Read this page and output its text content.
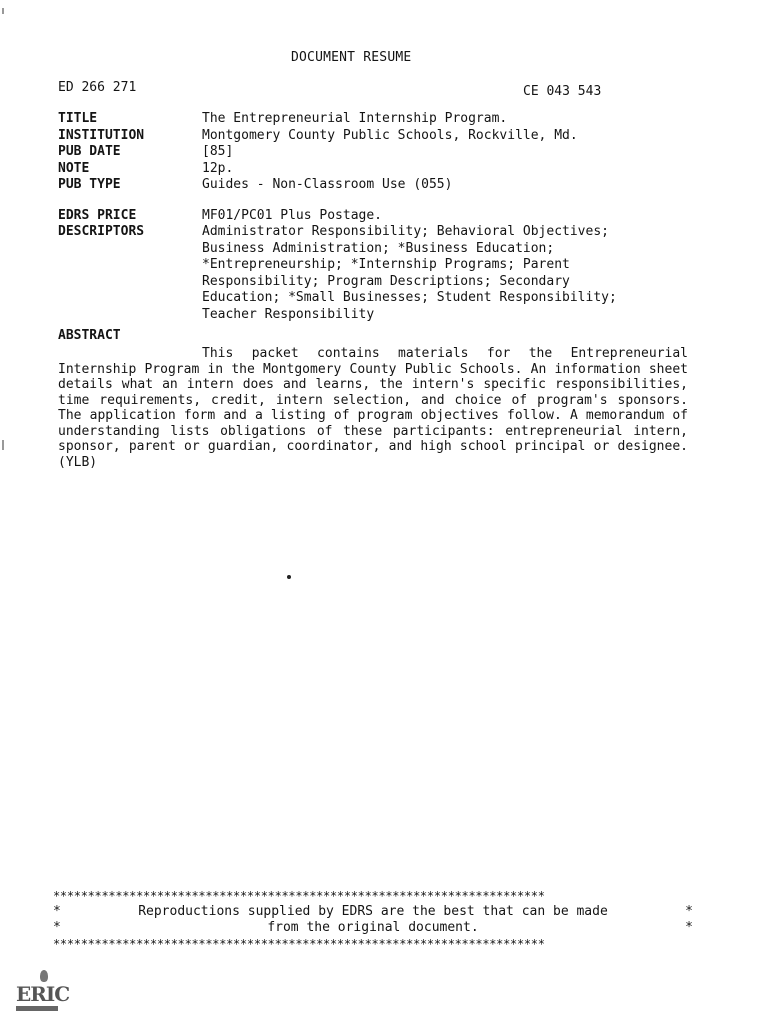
DOCUMENT RESUME
ED 266 271	CE 043 543
TITLE	The Entrepreneurial Internship Program.
INSTITUTION	Montgomery County Public Schools, Rockville, Md.
PUB DATE	[85]
NOTE	12p.
PUB TYPE	Guides - Non-Classroom Use (055)
EDRS PRICE	MF01/PC01 Plus Postage.
DESCRIPTORS	Administrator Responsibility; Behavioral Objectives;
Business Administration; *Business Education;
*Entrepreneurship; *Internship Programs; Parent
Responsibility; Program Descriptions; Secondary
Education; *Small Businesses; Student Responsibility;
Teacher Responsibility
ABSTRACT
This packet contains materials for the Entrepreneurial Internship Program in the Montgomery County Public Schools. An information sheet details what an intern does and learns, the intern's specific responsibilities, time requirements, credit, intern selection, and choice of program's sponsors. The application form and a listing of program objectives follow. A memorandum of understanding lists obligations of these participants: entrepreneurial intern, sponsor, parent or guardian, coordinator, and high school principal or designee. (YLB)
***********************************************************************
*	Reproductions supplied by EDRS are the best that can be made	*
*	from the original document.	*
***********************************************************************
ERIC
